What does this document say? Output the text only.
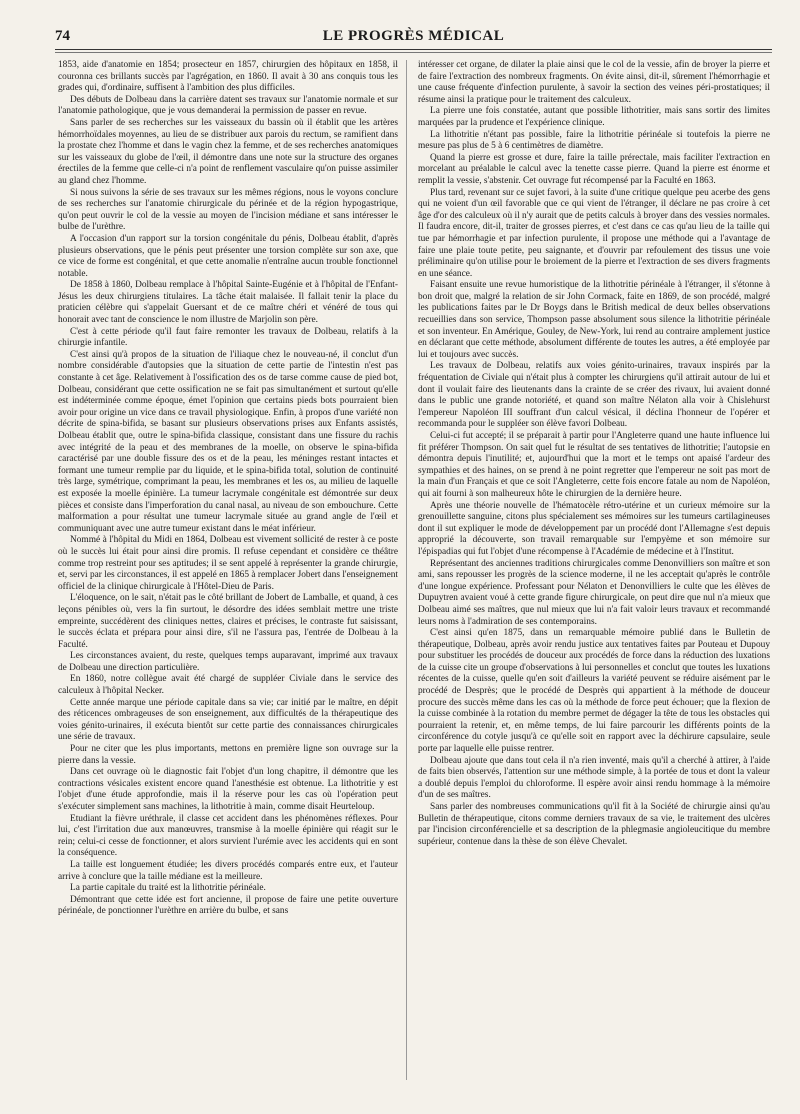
74	LE PROGRÈS MÉDICAL

1853, aide d'anatomie en 1854; prosecteur en 1857, chirurgien des hôpitaux en 1858, il couronna ces brillants succès par l'agrégation, en 1860. Il avait à 30 ans conquis tous les grades qui, d'ordinaire, suffisent à l'ambition des plus difficiles.

Des débuts de Dolbeau dans la carrière datent ses travaux sur l'anatomie normale et sur l'anatomie pathologique, que je vous demanderai la permission de passer en revue.

Sans parler de ses recherches sur les vaisseaux du bassin où il établit que les artères hémorrhoïdales moyennes, au lieu de se distribuer aux parois du rectum, se ramifient dans la prostate chez l'homme et dans le vagin chez la femme, et de ses recherches anatomiques sur les vaisseaux du globe de l'œil, il démontre dans une note sur la structure des organes érectiles de la femme que celle-ci n'a point de renflement vasculaire qu'on puisse assimiler au gland chez l'homme.

Si nous suivons la série de ses travaux sur les mêmes régions, nous le voyons conclure de ses recherches sur l'anatomie chirurgicale du périnée et de la région hypogastrique, qu'on peut ouvrir le col de la vessie au moyen de l'incision médiane et sans intéresser le bulbe de l'urèthre.

A l'occasion d'un rapport sur la torsion congénitale du pénis, Dolbeau établit, d'après plusieurs observations, que le pénis peut présenter une torsion complète sur son axe, que ce vice de forme est congénital, et que cette anomalie n'entraîne aucun trouble fonctionnel notable.

De 1858 à 1860, Dolbeau remplace à l'hôpital Sainte-Eugénie et à l'hôpital de l'Enfant-Jésus les deux chirurgiens titulaires. La tâche était malaisée. Il fallait tenir la place du praticien célèbre qui s'appelait Guersant et de ce maître chéri et vénéré de tous qui honorait avec tant de conscience le nom illustre de Marjolin son père.

C'est à cette période qu'il faut faire remonter les travaux de Dolbeau, relatifs à la chirurgie infantile.

C'est ainsi qu'à propos de la situation de l'iliaque chez le nouveau-né, il conclut d'un nombre considérable d'autopsies que la situation de cette partie de l'intestin n'est pas constante à cet âge. Relativement à l'ossification des os de tarse comme cause de pied bot, Dolbeau, considérant que cette ossification ne se fait pas simultanément et surtout qu'elle est indéterminée comme époque, émet l'opinion que certains pieds bots pourraient bien avoir pour origine un vice dans ce travail physiologique. Enfin, à propos d'une variété non décrite de spina-bifida, se basant sur plusieurs observations prises aux Enfants assistés, Dolbeau établit que, outre le spina-bifida classique, consistant dans une fissure du rachis avec intégrité de la peau et des membranes de la moelle, on observe le spina-bifida caractérisé par une double fissure des os et de la peau, les méninges restant intactes et formant une tumeur remplie par du liquide, et le spina-bifida total, solution de continuité très large, symétrique, comprimant la peau, les membranes et les os, au milieu de laquelle est exposée la moelle épinière. La tumeur lacrymale congénitale est démontrée sur deux pièces et consiste dans l'imperforation du canal nasal, au niveau de son embouchure. Cette malformation a pour résultat une tumeur lacrymale située au grand angle de l'œil et communiquant avec une autre tumeur existant dans le méat inférieur.

Nommé à l'hôpital du Midi en 1864, Dolbeau est vivement sollicité de rester à ce poste où le succès lui était pour ainsi dire promis. Il refuse cependant et considère ce théâtre comme trop restreint pour ses aptitudes; il se sent appelé à représenter la grande chirurgie, et, servi par les circonstances, il est appelé en 1865 à remplacer Jobert dans l'enseignement officiel de la clinique chirurgicale à l'Hôtel-Dieu de Paris.

L'éloquence, on le sait, n'était pas le côté brillant de Jobert de Lamballe, et quand, à ces leçons pénibles où, vers la fin surtout, le désordre des idées semblait mettre une triste empreinte, succédèrent des cliniques nettes, claires et précises, le contraste fut saisissant, le succès éclata et prépara pour ainsi dire, s'il ne l'assura pas, l'entrée de Dolbeau à la Faculté.

Les circonstances avaient, du reste, quelques temps auparavant, imprimé aux travaux de Dolbeau une direction particulière.

En 1860, notre collègue avait été chargé de suppléer Civiale dans le service des calculeux à l'hôpital Necker.

Cette année marque une période capitale dans sa vie; car initié par le maître, en dépit des réticences ombrageuses de son enseignement, aux difficultés de la thérapeutique des voies génito-urinaires, il exécuta bientôt sur cette partie des connaissances chirurgicales une série de travaux.

Pour ne citer que les plus importants, mettons en première ligne son ouvrage sur la pierre dans la vessie.

Dans cet ouvrage où le diagnostic fait l'objet d'un long chapitre, il démontre que les contractions vésicales existent encore quand l'anesthésie est obtenue. La lithotritie y est l'objet d'une étude approfondie, mais il la réserve pour les cas où l'opération peut s'exécuter simplement sans machines, la lithotritie à main, comme disait Heurteloup.

Etudiant la fièvre uréthrale, il classe cet accident dans les phénomènes réflexes. Pour lui, c'est l'irritation due aux manœuvres, transmise à la moelle épinière qui réagit sur le rein; celui-ci cesse de fonctionner, et alors survient l'urémie avec les accidents qui en sont la conséquence.

La taille est longuement étudiée; les divers procédés comparés entre eux, et l'auteur arrive à conclure que la taille médiane est la meilleure.

La partie capitale du traité est la lithotritie périnéale.

Démontrant que cette idée est fort ancienne, il propose de faire une petite ouverture périnéale, de ponctionner l'urèthre en arrière du bulbe, et sans

intéresser cet organe, de dilater la plaie ainsi que le col de la vessie, afin de broyer la pierre et de faire l'extraction des nombreux fragments. On évite ainsi, dit-il, sûrement l'hémorrhagie et une cause fréquente d'infection purulente, à savoir la section des veines péri-prostatiques; il résume ainsi la pratique pour le traitement des calculeux.

La pierre une fois constatée, autant que possible lithotritier, mais sans sortir des limites marquées par la prudence et l'expérience clinique.

La lithotritie n'étant pas possible, faire la lithotritie périnéale si toutefois la pierre ne mesure pas plus de 5 à 6 centimètres de diamètre.

Quand la pierre est grosse et dure, faire la taille prérectale, mais faciliter l'extraction en morcelant au préalable le calcul avec la tenette casse pierre. Quand la pierre est énorme et remplit la vessie, s'abstenir. Cet ouvrage fut récompensé par la Faculté en 1863.

Plus tard, revenant sur ce sujet favori, à la suite d'une critique quelque peu acerbe des gens qui ne voient d'un œil favorable que ce qui vient de l'étranger, il déclare ne pas croire à cet âge d'or des calculeux où il n'y aurait que de petits calculs à broyer dans des vessies normales. Il faudra encore, dit-il, traiter de grosses pierres, et c'est dans ce cas qu'au lieu de la taille qui tue par hémorrhagie et par infection purulente, il propose une méthode qui a l'avantage de faire une plaie toute petite, peu saignante, et d'ouvrir par refoulement des tissus une voie préliminaire qu'on utilise pour le broiement de la pierre et l'extraction de ses divers fragments en une séance.

Faisant ensuite une revue humoristique de la lithotritie périnéale à l'étranger, il s'étonne à bon droit que, malgré la relation de sir John Cormack, faite en 1869, de son procédé, malgré les publications faites par le Dr Boygs dans le British medical de deux belles observations recueillies dans son service, Thompson passe absolument sous silence la lithotritie périnéale et son inventeur. En Amérique, Gouley, de New-York, lui rend au contraire amplement justice en déclarant que cette méthode, absolument différente de toutes les autres, a été employée par lui et toujours avec succès.

Les travaux de Dolbeau, relatifs aux voies génito-urinaires, travaux inspirés par la fréquentation de Civiale qui n'était plus à compter les chirurgiens qu'il attirait autour de lui et dont il voulait faire des lieutenants dans la crainte de se créer des rivaux, lui avaient donné dans le public une grande notoriété, et quand son maître Nélaton alla voir à Chislehurst l'empereur Napoléon III souffrant d'un calcul vésical, il déclina l'honneur de l'opérer et recommanda pour le suppléer son élève favori Dolbeau.

Celui-ci fut accepté; il se préparait à partir pour l'Angleterre quand une haute influence lui fit préférer Thompson. On sait quel fut le résultat de ses tentatives de lithotritie; l'autopsie en démontra depuis l'inutilité; et, aujourd'hui que la mort et le temps ont apaisé l'ardeur des sympathies et des haines, on se prend à ne point regretter que l'empereur ne soit pas mort de la main d'un Français et que ce soit l'Angleterre, cette fois encore fatale au nom de Napoléon, qui ait fourni à son malheureux hôte le chirurgien de la dernière heure.

Après une théorie nouvelle de l'hématocèle rétro-utérine et un curieux mémoire sur la grenouillette sanguine, citons plus spécialement ses mémoires sur les tumeurs cartilagineuses dont il sut expliquer le mode de développement par un procédé dont l'Allemagne s'est depuis approprié la découverte, son travail remarquable sur l'empyème et son mémoire sur l'épispadias qui fut l'objet d'une récompense à l'Académie de médecine et à l'Institut.

Représentant des anciennes traditions chirurgicales comme Denonvilliers son maître et son ami, sans repousser les progrès de la science moderne, il ne les acceptait qu'après le contrôle d'une longue expérience. Professant pour Nélaton et Denonvilliers le culte que les élèves de Dupuytren avaient voué à cette grande figure chirurgicale, on peut dire que nul n'a mieux que Dolbeau aimé ses maîtres, que nul mieux que lui n'a fait valoir leurs travaux et recommandé leurs noms à l'admiration de ses contemporains.

C'est ainsi qu'en 1875, dans un remarquable mémoire publié dans le Bulletin de thérapeutique, Dolbeau, après avoir rendu justice aux tentatives faites par Pouteau et Dupouy pour substituer les procédés de douceur aux procédés de force dans la réduction des luxations de la cuisse cite un groupe d'observations à lui personnelles et conclut que toutes les luxations récentes de la cuisse, quelle qu'en soit d'ailleurs la variété peuvent se réduire aisément par le procédé de Desprès; que le procédé de Desprès qui appartient à la méthode de douceur procure des succès même dans les cas où la méthode de force peut échouer; que la flexion de la cuisse combinée à la rotation du membre permet de dégager la tête de tous les obstacles qui pourraient la retenir, et, en même temps, de lui faire parcourir les différents points de la circonférence du cotyle jusqu'à ce qu'elle soit en rapport avec la déchirure capsulaire, seule porte par laquelle elle puisse rentrer.

Dolbeau ajoute que dans tout cela il n'a rien inventé, mais qu'il a cherché à attirer, à l'aide de faits bien observés, l'attention sur une méthode simple, à la portée de tous et dont la valeur a doublé depuis l'emploi du chloroforme. Il espère avoir ainsi rendu hommage à la mémoire d'un de ses maîtres.

Sans parler des nombreuses communications qu'il fit à la Société de chirurgie ainsi qu'au Bulletin de thérapeutique, citons comme derniers travaux de sa vie, le traitement des ulcères par l'incision circonférencielle et sa description de la phlegmasie angioleucitique du membre supérieur, contenue dans la thèse de son élève Chevalet.
